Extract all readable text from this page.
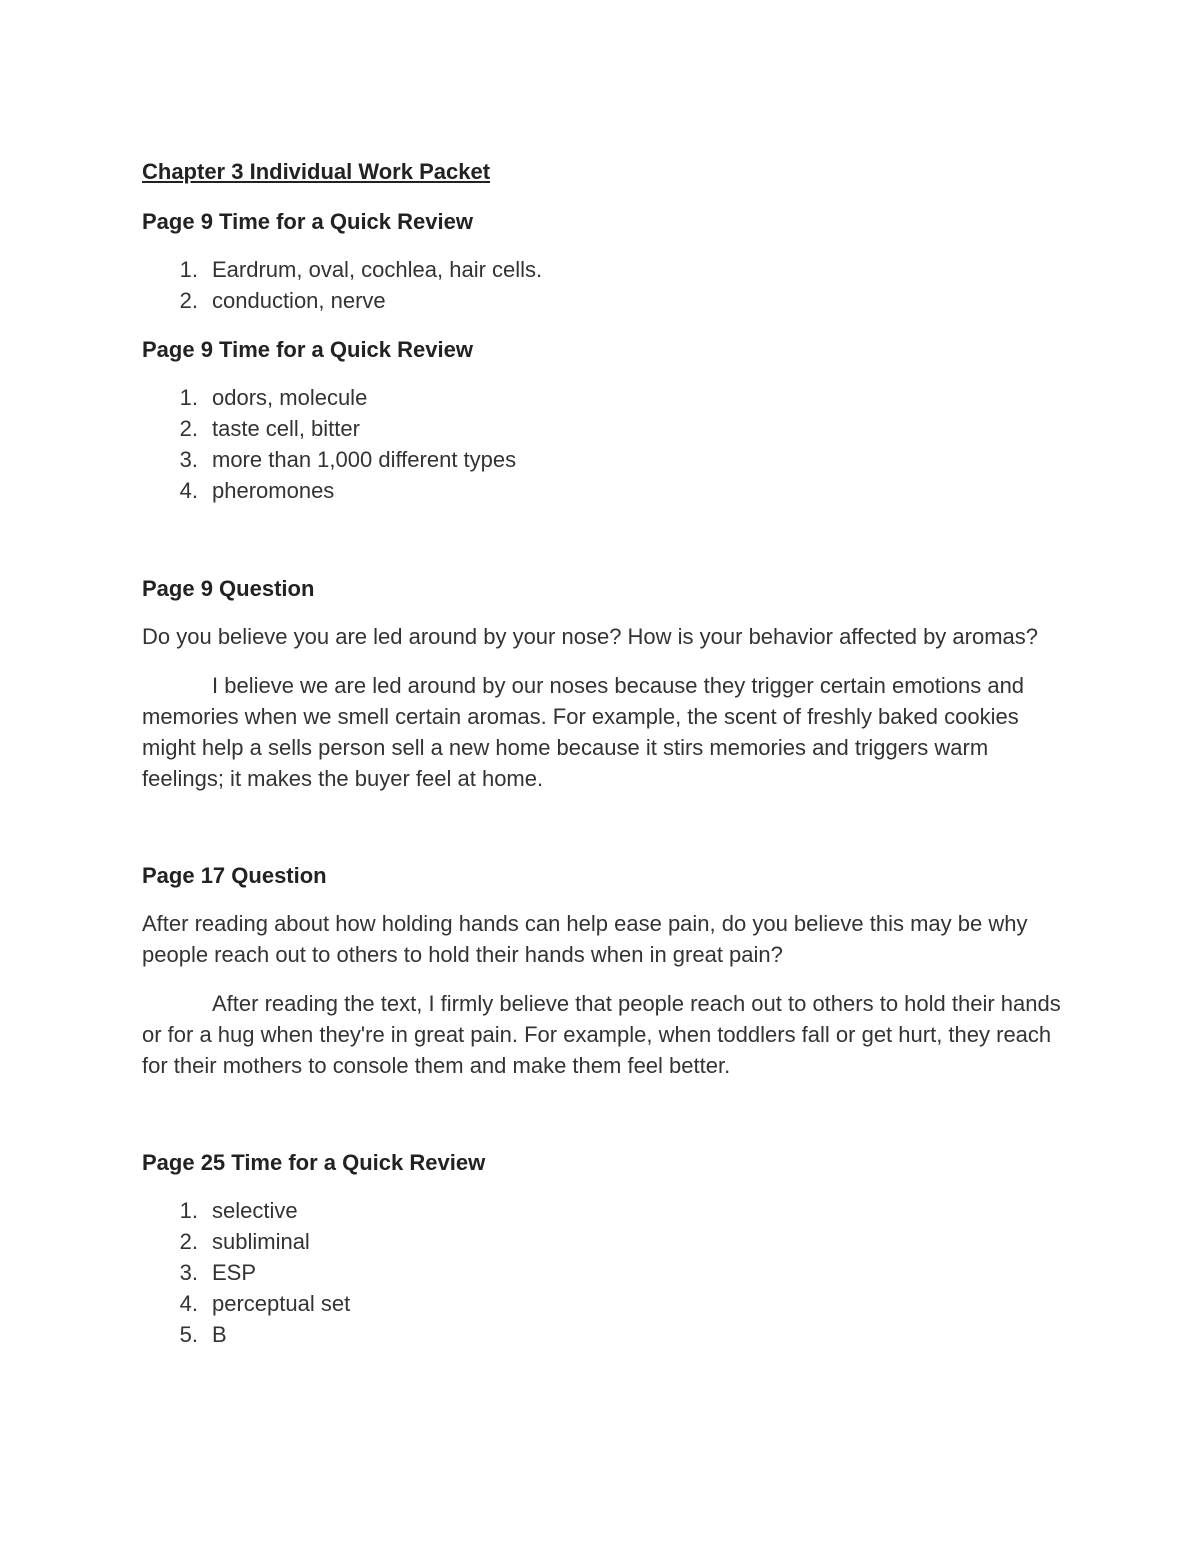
Chapter 3 Individual Work Packet

Page 9 Time for a Quick Review

1. Eardrum, oval, cochlea, hair cells.
2. conduction, nerve

Page 9 Time for a Quick Review

1. odors, molecule
2. taste cell, bitter
3. more than 1,000 different types
4. pheromones

Page 9 Question

Do you believe you are led around by your nose? How is your behavior affected by aromas?

I believe we are led around by our noses because they trigger certain emotions and memories when we smell certain aromas. For example, the scent of freshly baked cookies might help a sells person sell a new home because it stirs memories and triggers warm feelings; it makes the buyer feel at home.

Page 17 Question

After reading about how holding hands can help ease pain, do you believe this may be why people reach out to others to hold their hands when in great pain?

After reading the text, I firmly believe that people reach out to others to hold their hands or for a hug when they're in great pain. For example, when toddlers fall or get hurt, they reach for their mothers to console them and make them feel better.

Page 25 Time for a Quick Review

1. selective
2. subliminal
3. ESP
4. perceptual set
5. B
